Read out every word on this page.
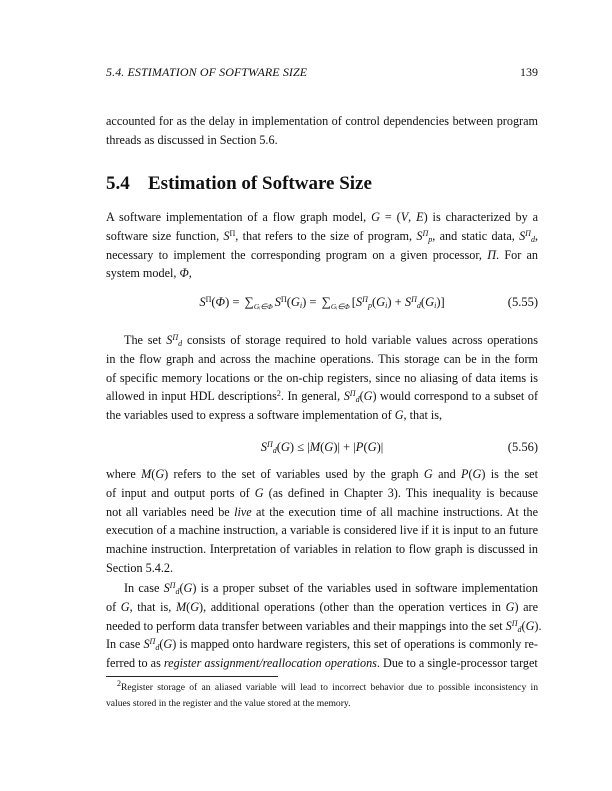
5.4. ESTIMATION OF SOFTWARE SIZE	139
accounted for as the delay in implementation of control dependencies between program
threads as discussed in Section 5.6.
5.4 Estimation of Software Size
A software implementation of a flow graph model, G = (V, E) is characterized by a
software size function, $S^\Pi$, that refers to the size of program, SΠp, and static data, SΠd,
necessary to implement the corresponding program on a given processor, Π. For an
system model, Φ,
$S^\Pi(\Phi) = \sum_{Gᵢ\in\Phi}$ $S^\Pi(G_i) = \sum_{Gᵢ\in\Phi}$ $[S\Pi p(G_i) + S\Pi d(G_i)]$	(5.55)
The set SΠd consists of storage required to hold variable values across operations
in the flow graph and across the machine operations. This storage can be in the form
of specific memory locations or the on-chip registers, since no aliasing of data items is
allowed in input HDL descriptions$^2$. In general, SΠd(G) would correspond to a subset of
the variables used to express a software implementation of G, that is,
SΠd(G) ≤ |M(G)| + |P(G)|	(5.56)
where M(G) refers to the set of variables used by the graph G and P(G) is the set
of input and output ports of G (as defined in Chapter 3). This inequality is because
not all variables need be live at the execution time of all machine instructions. At the
execution of a machine instruction, a variable is considered live if it is input to an future
machine instruction. Interpretation of variables in relation to flow graph is discussed in
Section 5.4.2.
In case SΠd(G) is a proper subset of the variables used in software implementation
of G, that is, M(G), additional operations (other than the operation vertices in G) are
needed to perform data transfer between variables and their mappings into the set SΠd(G).
In case SΠd(G) is mapped onto hardware registers, this set of operations is commonly re-
ferred to as register assignment/reallocation operations. Due to a single-processor target
$^2$Register storage of an aliased variable will lead to incorrect behavior due to possible inconsistency in
values stored in the register and the value stored at the memory.
